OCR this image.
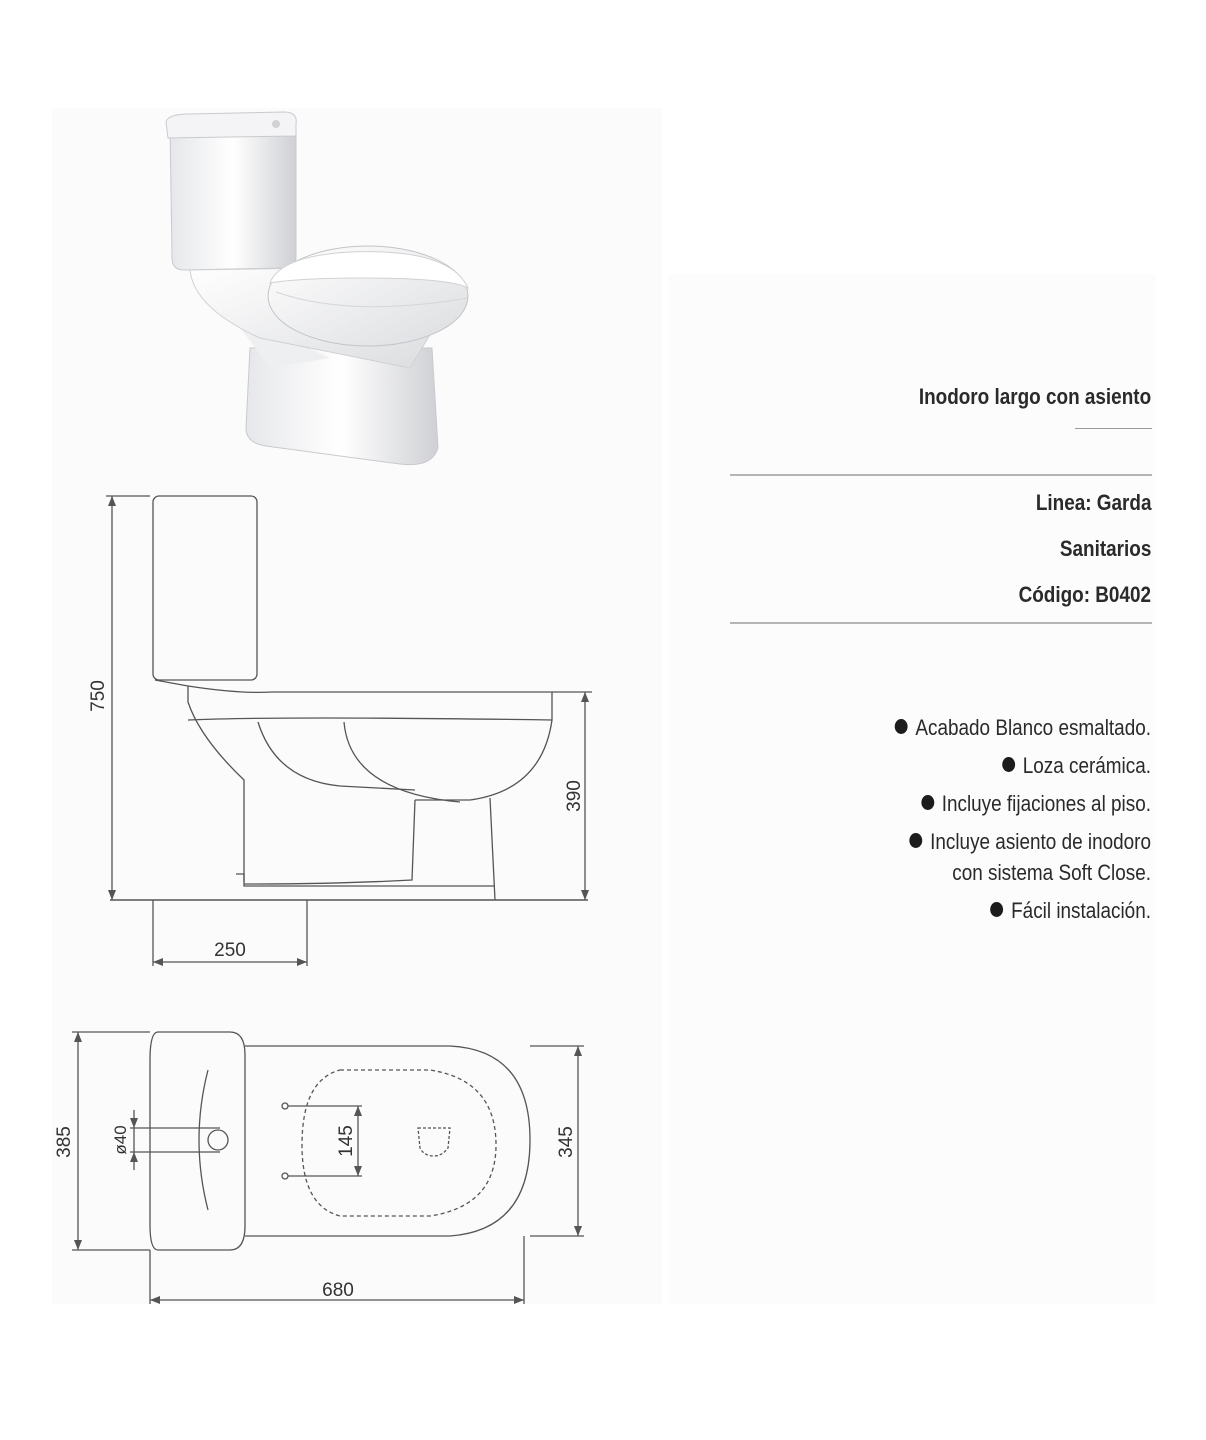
750
390
250
385	345
ø40	145
680
Inodoro largo con asiento
Linea: Garda
Sanitarios
Código: B0402
Acabado Blanco esmaltado.
Loza cerámica.
Incluye fijaciones al piso.
Incluye asiento de inodoro con sistema Soft Close.
Fácil instalación.
